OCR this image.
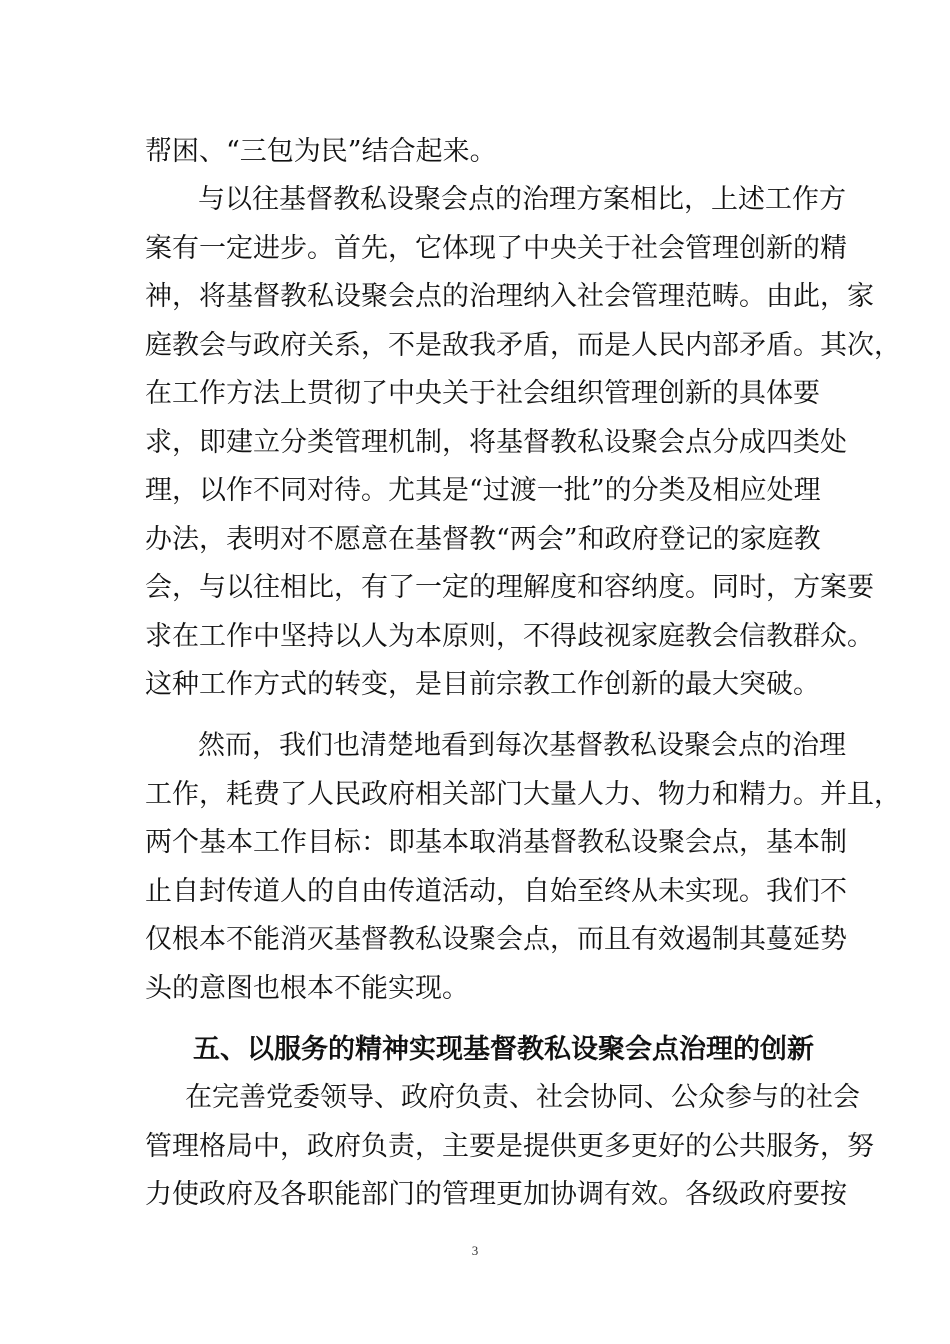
帮困、“三包为民”结合起来。
与以往基督教私设聚会点的治理方案相比，上述工作方
案有一定进步。首先，它体现了中央关于社会管理创新的精
神，将基督教私设聚会点的治理纳入社会管理范畴。由此，家
庭教会与政府关系，不是敌我矛盾，而是人民内部矛盾。其次，
在工作方法上贯彻了中央关于社会组织管理创新的具体要
求，即建立分类管理机制，将基督教私设聚会点分成四类处
理，以作不同对待。尤其是“过渡一批”的分类及相应处理
办法，表明对不愿意在基督教“两会”和政府登记的家庭教
会，与以往相比，有了一定的理解度和容纳度。同时，方案要
求在工作中坚持以人为本原则，不得歧视家庭教会信教群众。
这种工作方式的转变，是目前宗教工作创新的最大突破。
然而，我们也清楚地看到每次基督教私设聚会点的治理
工作，耗费了人民政府相关部门大量人力、物力和精力。并且，
两个基本工作目标：即基本取消基督教私设聚会点，基本制
止自封传道人的自由传道活动，自始至终从未实现。我们不
仅根本不能消灭基督教私设聚会点，而且有效遏制其蔓延势
头的意图也根本不能实现。
五、以服务的精神实现基督教私设聚会点治理的创新
在完善党委领导、政府负责、社会协同、公众参与的社会
管理格局中，政府负责，主要是提供更多更好的公共服务，努
力使政府及各职能部门的管理更加协调有效。各级政府要按
3
